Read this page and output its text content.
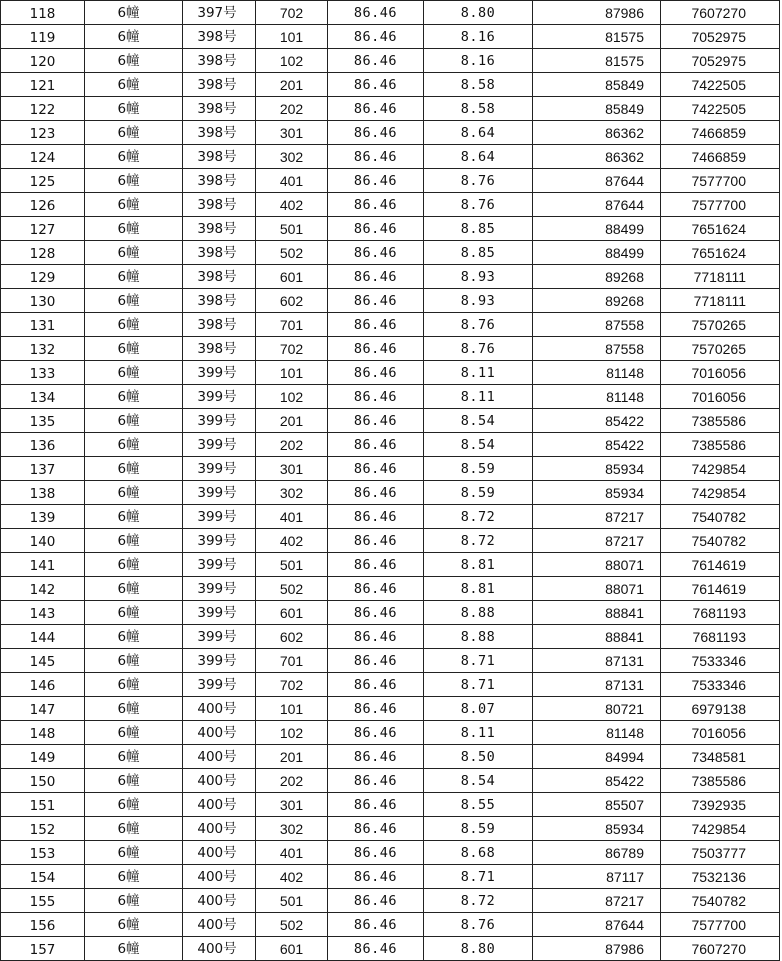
118	6幢	397号	702	86.46	8.80	87986	7607270
119	6幢	398号	101	86.46	8.16	81575	7052975
120	6幢	398号	102	86.46	8.16	81575	7052975
121	6幢	398号	201	86.46	8.58	85849	7422505
122	6幢	398号	202	86.46	8.58	85849	7422505
123	6幢	398号	301	86.46	8.64	86362	7466859
124	6幢	398号	302	86.46	8.64	86362	7466859
125	6幢	398号	401	86.46	8.76	87644	7577700
126	6幢	398号	402	86.46	8.76	87644	7577700
127	6幢	398号	501	86.46	8.85	88499	7651624
128	6幢	398号	502	86.46	8.85	88499	7651624
129	6幢	398号	601	86.46	8.93	89268	7718111
130	6幢	398号	602	86.46	8.93	89268	7718111
131	6幢	398号	701	86.46	8.76	87558	7570265
132	6幢	398号	702	86.46	8.76	87558	7570265
133	6幢	399号	101	86.46	8.11	81148	7016056
134	6幢	399号	102	86.46	8.11	81148	7016056
135	6幢	399号	201	86.46	8.54	85422	7385586
136	6幢	399号	202	86.46	8.54	85422	7385586
137	6幢	399号	301	86.46	8.59	85934	7429854
138	6幢	399号	302	86.46	8.59	85934	7429854
139	6幢	399号	401	86.46	8.72	87217	7540782
140	6幢	399号	402	86.46	8.72	87217	7540782
141	6幢	399号	501	86.46	8.81	88071	7614619
142	6幢	399号	502	86.46	8.81	88071	7614619
143	6幢	399号	601	86.46	8.88	88841	7681193
144	6幢	399号	602	86.46	8.88	88841	7681193
145	6幢	399号	701	86.46	8.71	87131	7533346
146	6幢	399号	702	86.46	8.71	87131	7533346
147	6幢	400号	101	86.46	8.07	80721	6979138
148	6幢	400号	102	86.46	8.11	81148	7016056
149	6幢	400号	201	86.46	8.50	84994	7348581
150	6幢	400号	202	86.46	8.54	85422	7385586
151	6幢	400号	301	86.46	8.55	85507	7392935
152	6幢	400号	302	86.46	8.59	85934	7429854
153	6幢	400号	401	86.46	8.68	86789	7503777
154	6幢	400号	402	86.46	8.71	87117	7532136
155	6幢	400号	501	86.46	8.72	87217	7540782
156	6幢	400号	502	86.46	8.76	87644	7577700
157	6幢	400号	601	86.46	8.80	87986	7607270
